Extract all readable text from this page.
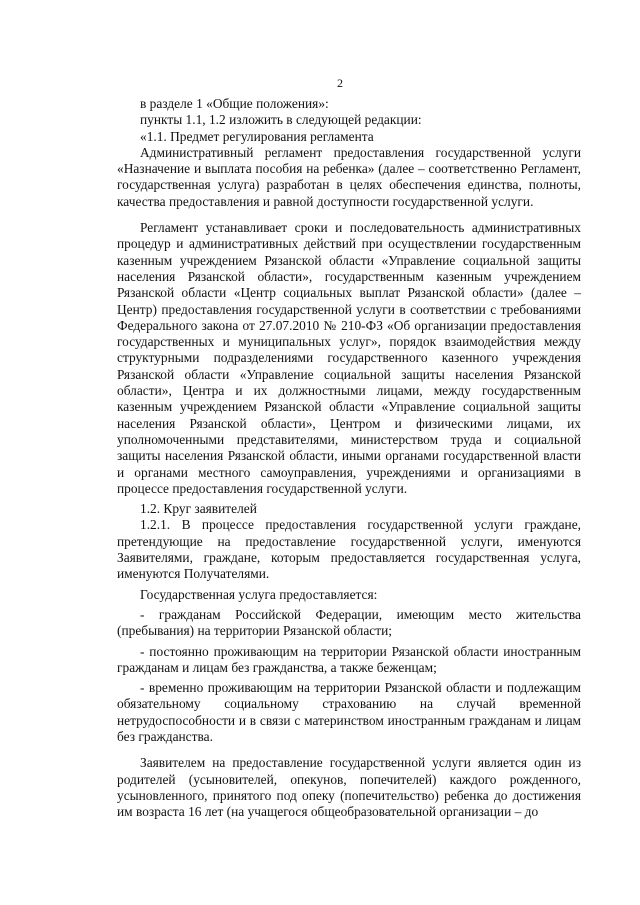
2

в разделе 1 «Общие положения»:

пункты 1.1, 1.2 изложить в следующей редакции:

«1.1. Предмет регулирования регламента

Административный регламент предоставления государственной услуги «Назначение и выплата пособия на ребенка» (далее – соответственно Регламент, государственная услуга) разработан в целях обеспечения единства, полноты, качества предоставления и равной доступности государственной услуги.

Регламент устанавливает сроки и последовательность административных процедур и административных действий при осуществлении государственным казенным учреждением Рязанской области «Управление социальной защиты населения Рязанской области», государственным казенным учреждением Рязанской области «Центр социальных выплат Рязанской области» (далее – Центр) предоставления государственной услуги в соответствии с требованиями Федерального закона от 27.07.2010 № 210-ФЗ «Об организации предоставления государственных и муниципальных услуг», порядок взаимодействия между структурными подразделениями государственного казенного учреждения Рязанской области «Управление социальной защиты населения Рязанской области», Центра и их должностными лицами, между государственным казенным учреждением Рязанской области «Управление социальной защиты населения Рязанской области», Центром и физическими лицами, их уполномоченными представителями, министерством труда и социальной защиты населения Рязанской области, иными органами государственной власти и органами местного самоуправления, учреждениями и организациями в процессе предоставления государственной услуги.

1.2. Круг заявителей

1.2.1. В процессе предоставления государственной услуги граждане, претендующие на предоставление государственной услуги, именуются Заявителями, граждане, которым предоставляется государственная услуга, именуются Получателями.

Государственная услуга предоставляется:

- гражданам Российской Федерации, имеющим место жительства (пребывания) на территории Рязанской области;

- постоянно проживающим на территории Рязанской области иностранным гражданам и лицам без гражданства, а также беженцам;

- временно проживающим на территории Рязанской области и подлежащим обязательному социальному страхованию на случай временной нетрудоспособности и в связи с материнством иностранным гражданам и лицам без гражданства.

Заявителем на предоставление государственной услуги является один из родителей (усыновителей, опекунов, попечителей) каждого рожденного, усыновленного, принятого под опеку (попечительство) ребенка до достижения им возраста 16 лет (на учащегося общеобразовательной организации – до
